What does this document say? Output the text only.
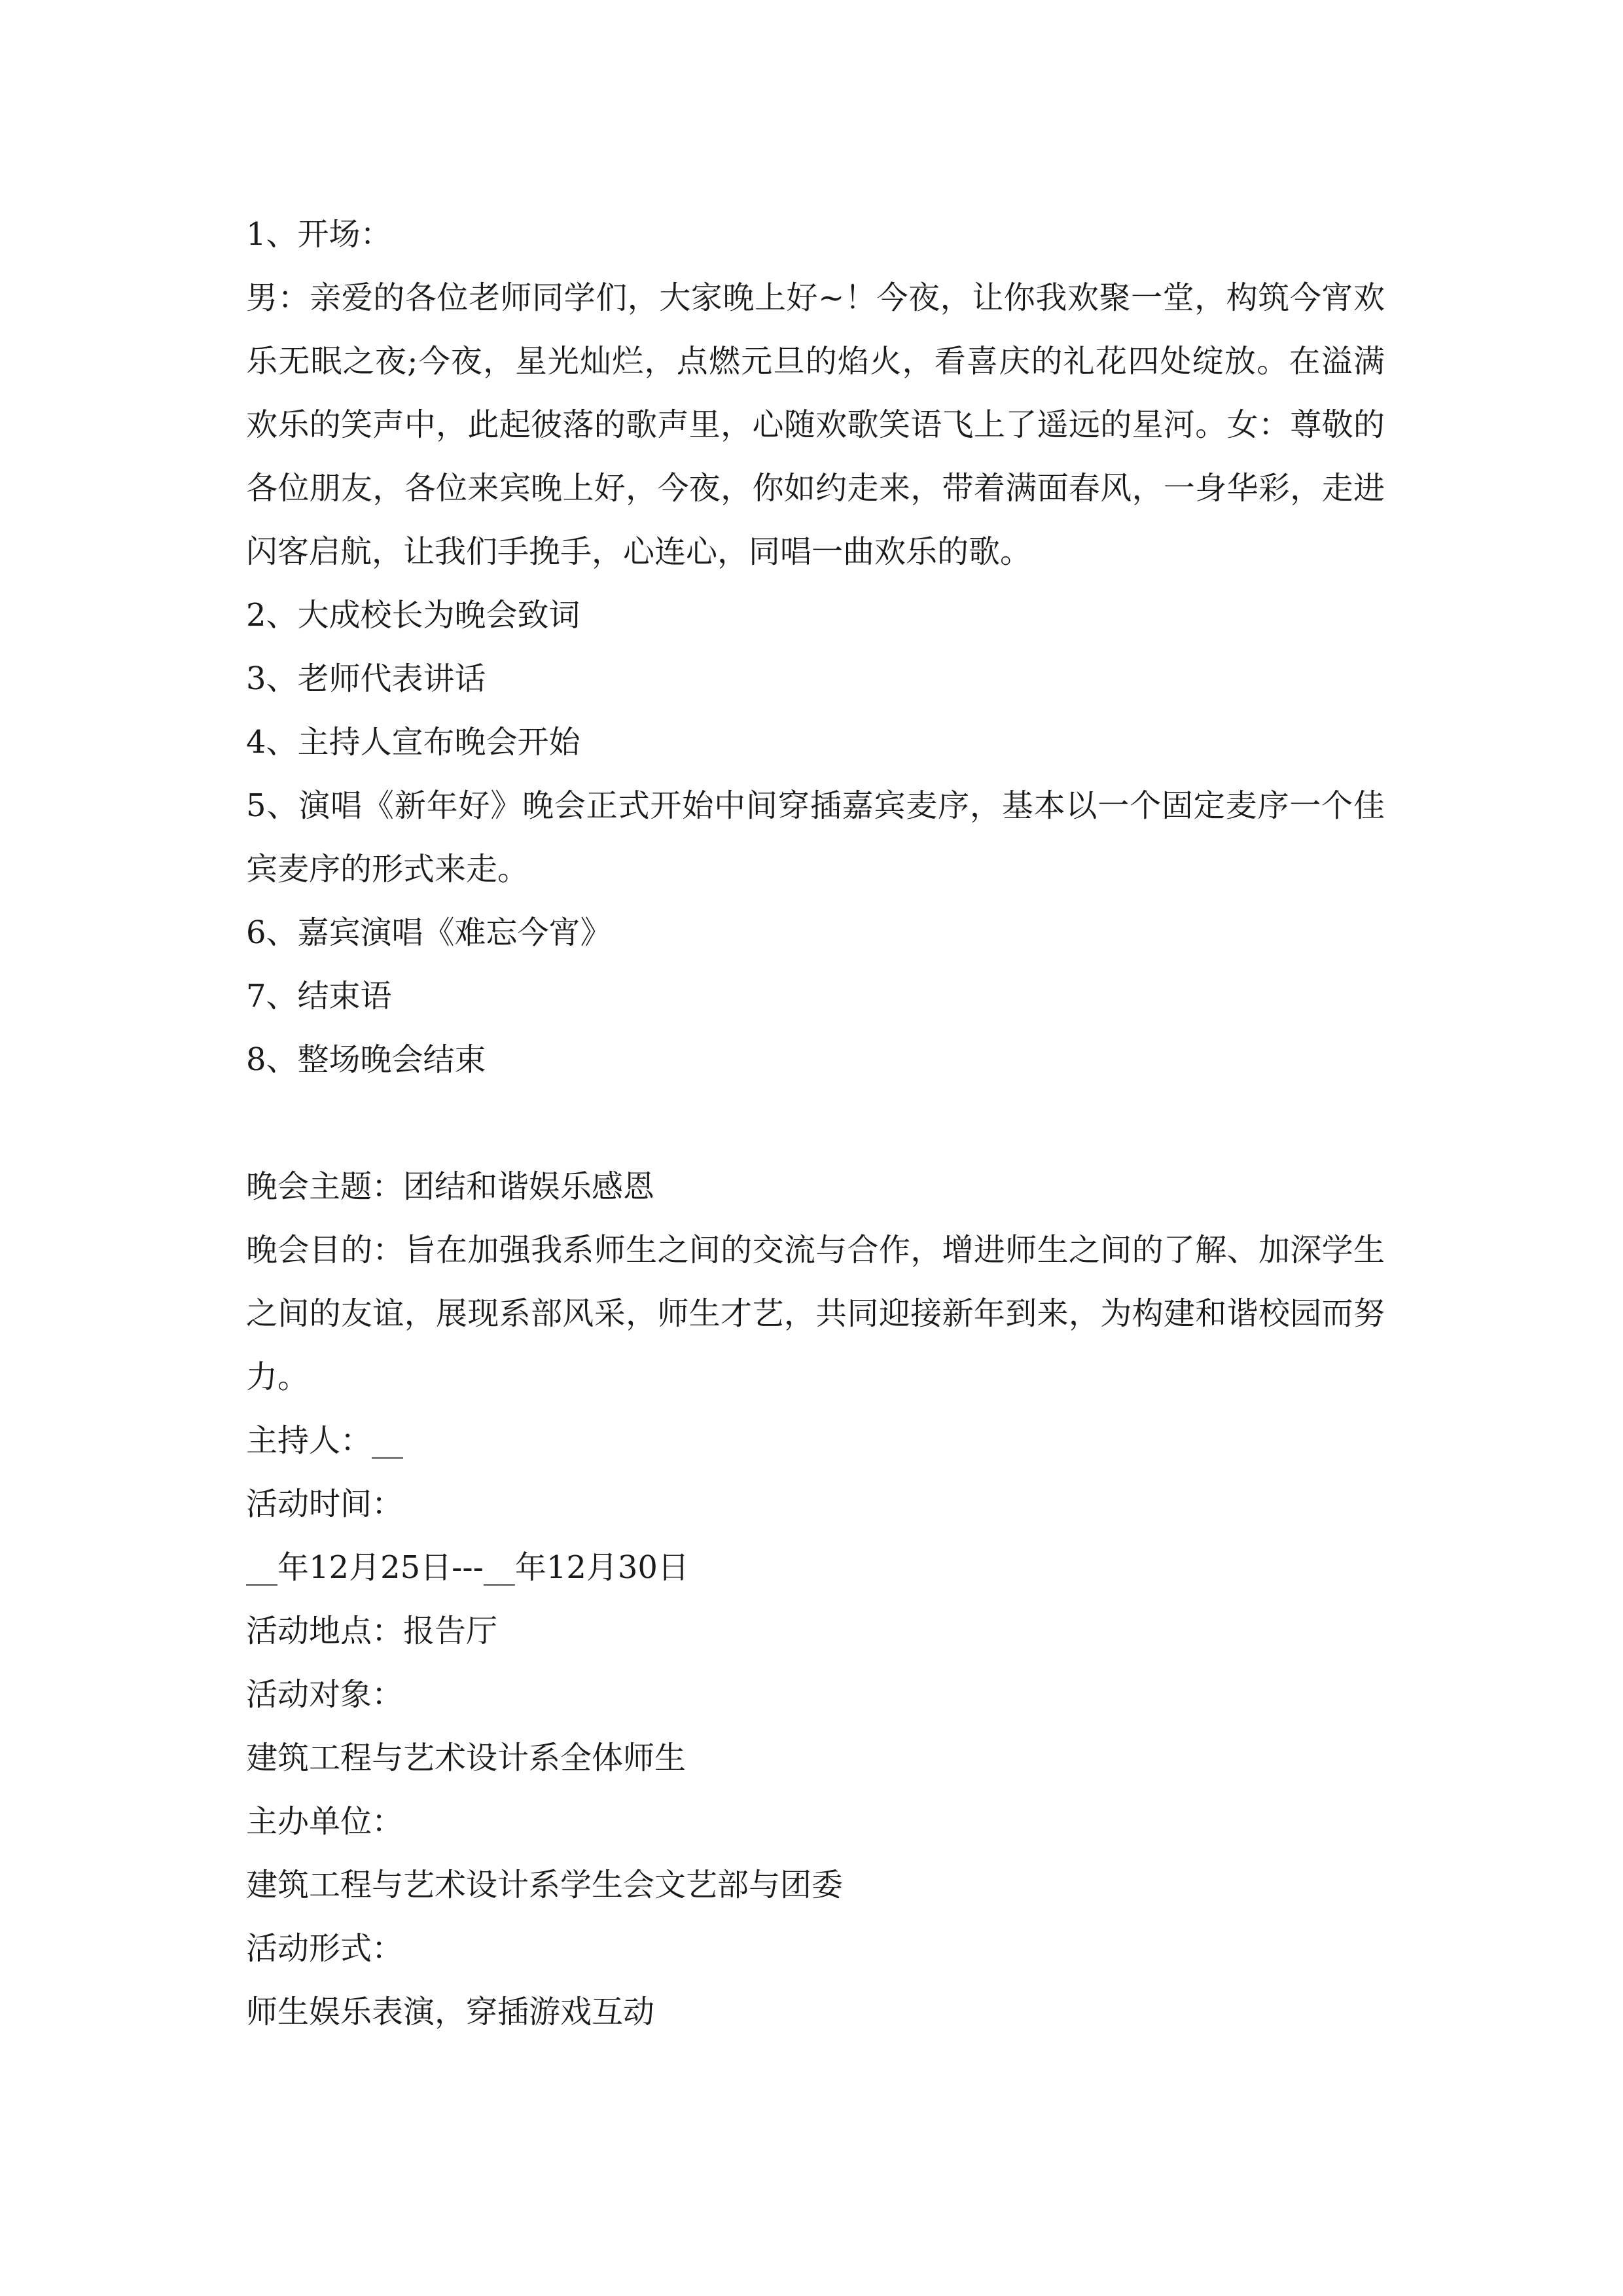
1、开场：
男：亲爱的各位老师同学们，大家晚上好~！今夜，让你我欢聚一堂，构筑今宵欢乐无眠之夜;今夜，星光灿烂，点燃元旦的焰火，看喜庆的礼花四处绽放。在溢满欢乐的笑声中，此起彼落的歌声里，心随欢歌笑语飞上了遥远的星河。女：尊敬的各位朋友，各位来宾晚上好，今夜，你如约走来，带着满面春风，一身华彩，走进闪客启航，让我们手挽手，心连心，同唱一曲欢乐的歌。
2、大成校长为晚会致词
3、老师代表讲话
4、主持人宣布晚会开始
5、演唱《新年好》晚会正式开始中间穿插嘉宾麦序，基本以一个固定麦序一个佳宾麦序的形式来走。
6、嘉宾演唱《难忘今宵》
7、结束语
8、整场晚会结束
晚会主题：团结和谐娱乐感恩
晚会目的：旨在加强我系师生之间的交流与合作，增进师生之间的了解、加深学生之间的友谊，展现系部风采，师生才艺，共同迎接新年到来，为构建和谐校园而努力。
主持人：__
活动时间：
__年12月25日---__年12月30日
活动地点：报告厅
活动对象：
建筑工程与艺术设计系全体师生
主办单位：
建筑工程与艺术设计系学生会文艺部与团委
活动形式：
师生娱乐表演，穿插游戏互动
